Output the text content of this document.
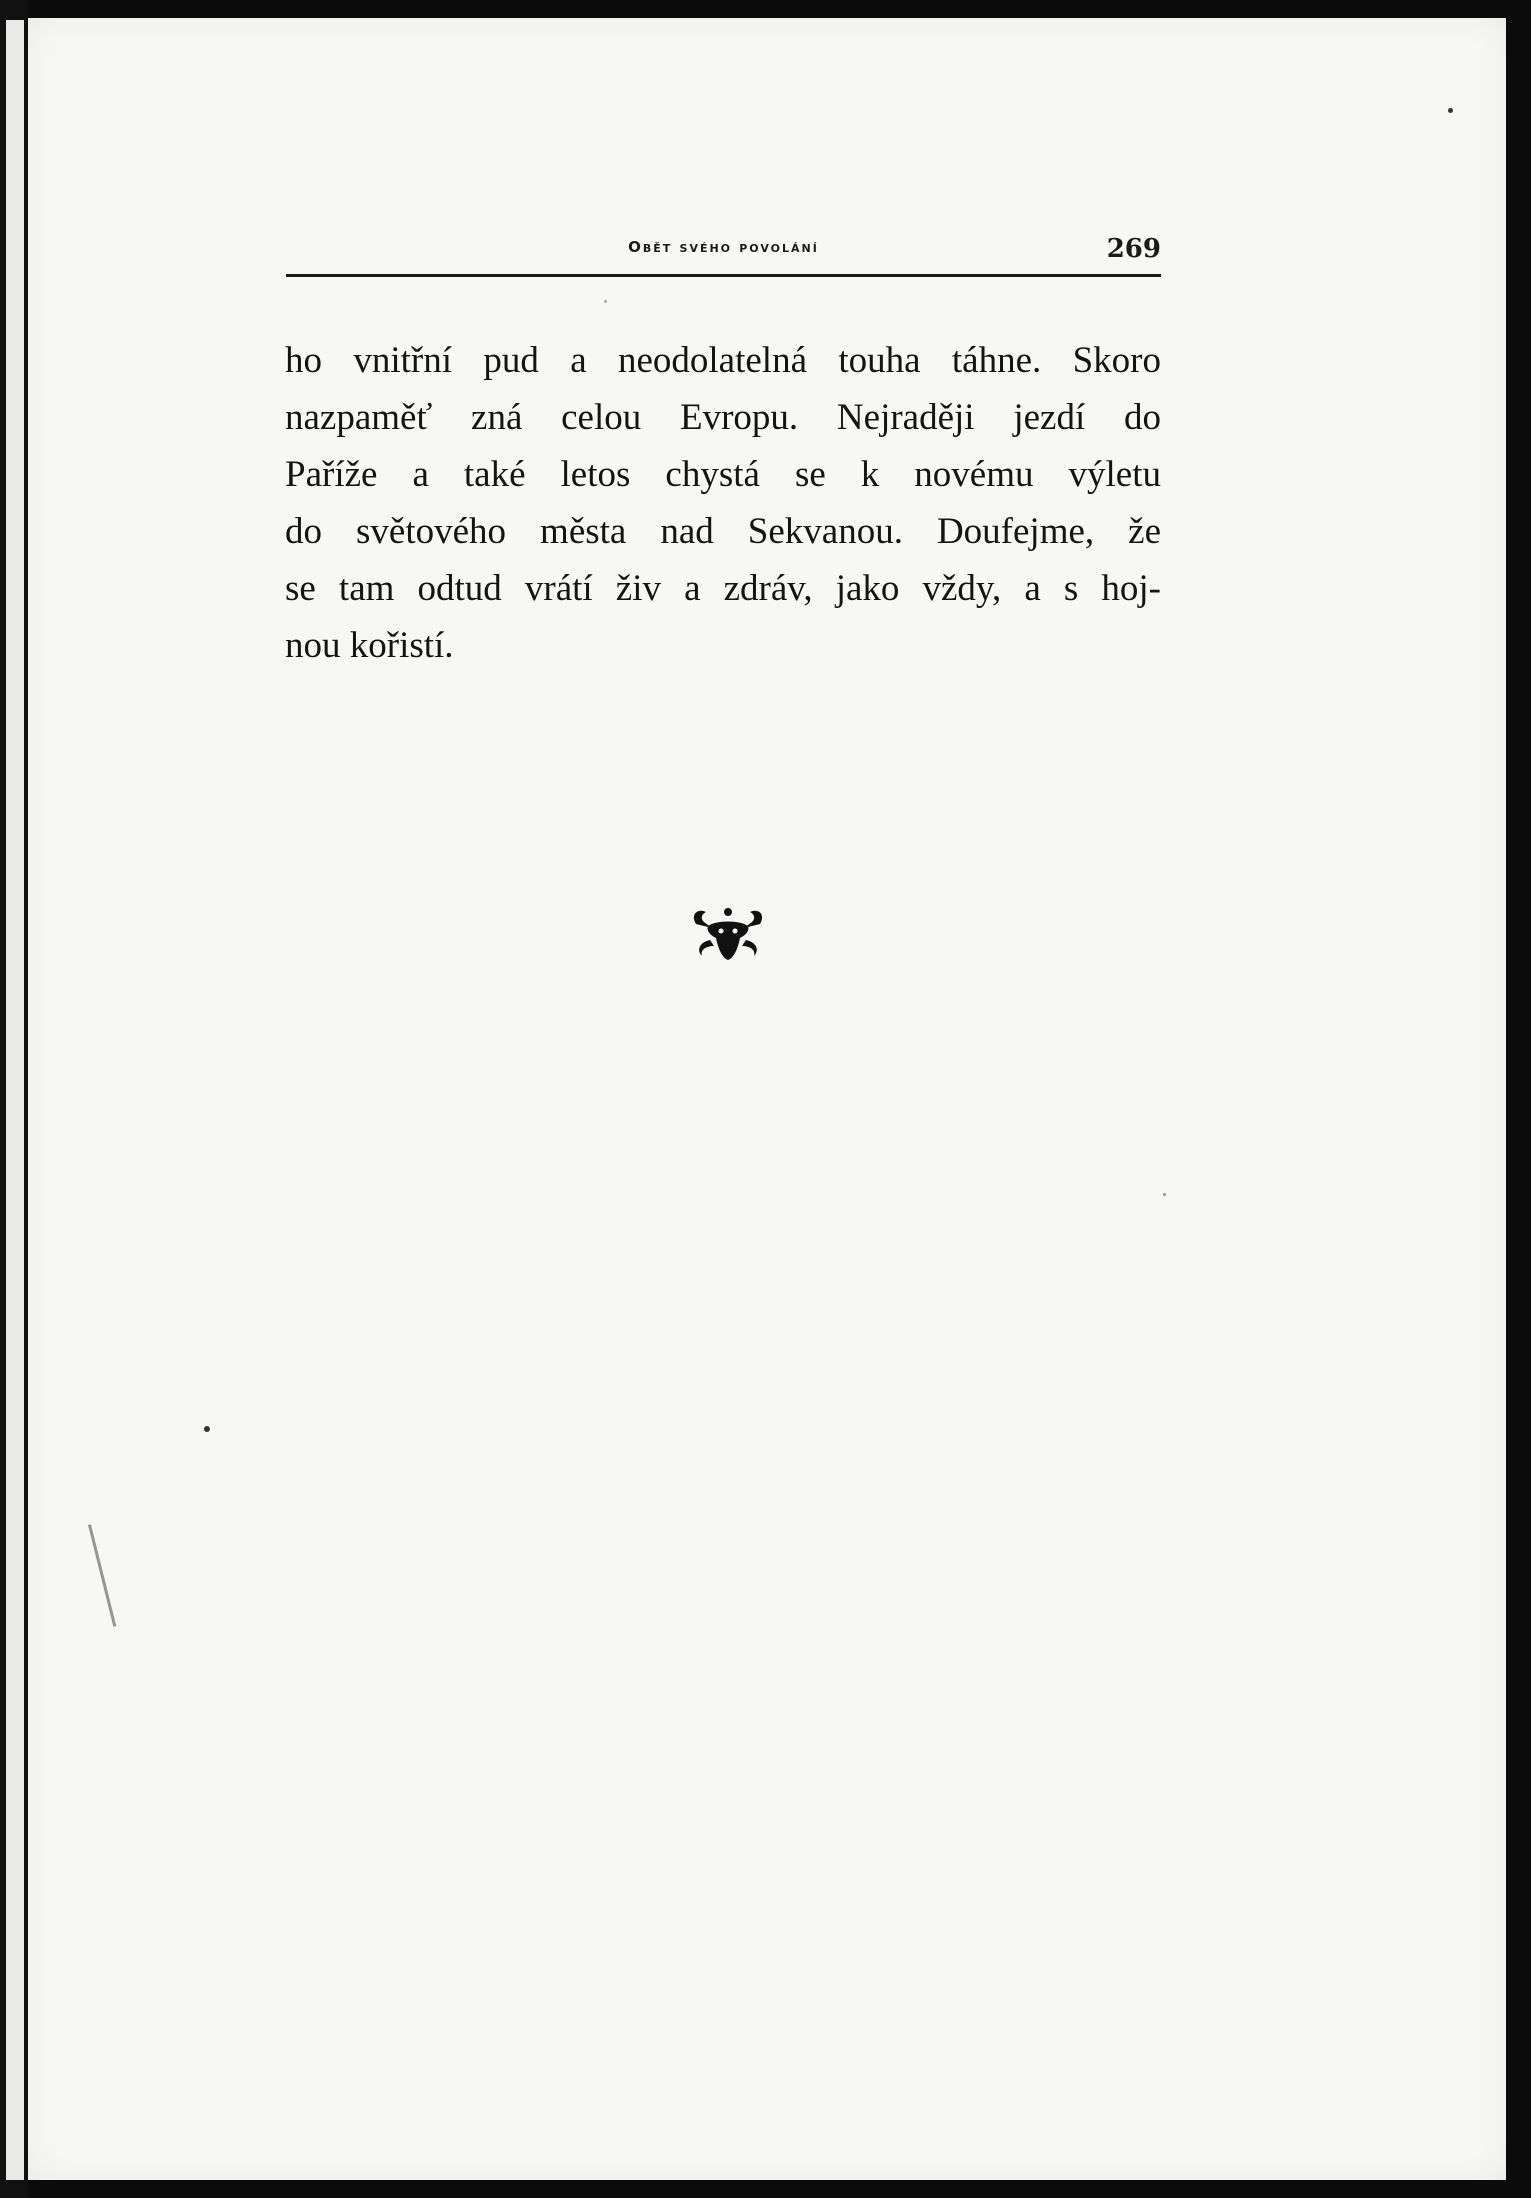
Obět svého povolání	269
ho vnitřní pud a neodolatelná touha táhne. Skoro
nazpaměť zná celou Evropu. Nejraději jezdí do
Paříže a také letos chystá se k novému výletu
do světového města nad Sekvanou. Doufejme, že
se tam odtud vrátí živ a zdráv, jako vždy, a s hoj-
nou kořistí.
